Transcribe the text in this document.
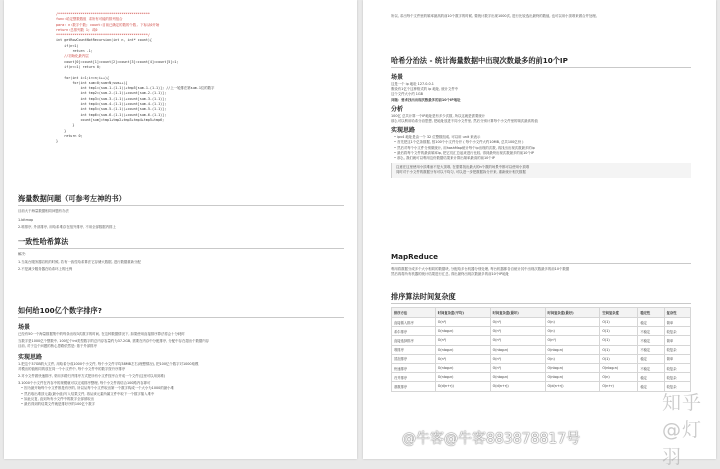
/*********************************************
func:给定整数数组 求所有可能的排列组合
para: n:数字个数; count:目前已确定的数的个数, 下标从0开始
return:总排列数 1; 或0
*********************************************/
int getRowCountNotRecursion(int n, int* count){
if(n<1)
return -1;
//初始化最内层
count[0]=count[1]=count[2]=count[3]=count[4]=count[5]=1;
if(n<=1) return 0;
for(int i=1;i<=n;i++){
for(int sum=0;sum<N;sum++){
int tmp1=(sum-1-(1-1))+tmp5[sum-1-(1-1)]; //上一轮排在第sum-1位的数字
int tmp2=(sum-2-(1-1))+count[sum-2-(1-1)];
int tmp3=(sum-3-(1-1))+count[sum-3-(1-1)];
int tmp4=(sum-4-(1-1))+count[sum-4-(1-1)];
int tmp5=(sum-5-(1-1))+count[sum-5-(1-1)];
int tmp6=(sum-6-(1-1))+count[sum-6-(1-1)];
count[sum]=tmp1+tmp2+tmp3+tmp4+tmp5+tmp6;
}
}
return 0;
}
海量数据问题（可参考左神的书）

目前大于海量数据相同问题有办法

1.bitmap

2.堆排序, 外部排序, 用哈希堆存在组外排序, 不用全部数据内排上

一致性哈希算法

解决：

1.当某台服务器宕机的时候, 若有一致性哈希算法它存储大数据, 进行数据重新分配

2.不是减少服务器在哈希环上的比例

如何给100亿个数字排序?
场景

已经有50一个海量数据集中的每条出现3次数字的时间, 在这种数据情况下, 如果使用直接排序算法将会十分耗时

当数字是1000亿个整数中, 100亿个int类型数字的总内存容量约为37.2GB, 需要在内存中分配排序, 分配中存在超出个数据内存

目前, 对于这个问题的核心思路依然是: 基于外部排序

实现思路

1.把这个37GB的大文件, 用哈希分成1000个小文件, 每个小文件平均38MB左右(理想情况), 把100亿个数字对1000取模

对模出的值相同的放在同一个小文件中, 每个小文件中的数字按升序排序

2.对小文件做快速排序, 采用多路归并排序方式把所有小文件按序合并成一个文件(这里可以用到堆)

3.1000个小文件在内存中的规模就可以完成排序整理, 每个小文件再结合100路内存即可

• 因为最开始每个小文件都是有序的, 所以从每个小文件取出第一个数字构成一个大小为1000的最小堆
• 然后取出堆顶元素(最小值)写入结果文件, 再从该元素所属文件中取下一个数字插入堆中
• 如此反复, 直到所有小文件中的数字全部被取出
• 最后得到的结果文件就是排好序的100亿个数字

所以, 求出每个文件里的频率最高的前10个数字的时候, 要统计数字出现1000次, 进行比较选出最终的数值, 也可以用小顶堆来做合并处理。

哈希分治法 - 统计海量数据中出现次数最多的前10个IP
场景

这是一个 ip 地址 127.0.0.1

假设有1亿个这种格式的 ip 地址, 统计文件中

这个文件大小约 1GB

问题：要求找出出现次数最多的前10个IP地址

分析

100亿 总共计算一个IP地址是有多少次数, 所以这就是需要统计

那么可以利用哈希分治思想, 把地址放进不同小文件里, 然后分别计算每个小文件里的频次最高的值

实现思路
• ipv4 地址是由一个 32 位整数组成, 可以用 unit 来表示
• 首先把这1个亿条数据, 按100个小文件分开 ( 每个小文件大约10MB, 总共100亿份 )
• 然后对每个小文件分别做统计, 用hashMap统计每个ip出现的次数, 再找出出现次数最多的ip
• 最后将每个文件的最高频率ip, 把它们汇总起来进行比较, 得到最终出现次数最多的前10个IP
• 那么, 我们就可以利用这份数据结果来计算出频率最高的前10个IP

注意在这里使用小顶堆而不是大顶堆, 在需要找出最大的n个数的场景中都可以使用小顶堆

同时对于小文件的数据分布可以不均匀, 可以进一步把数据拆分开来, 重新统计相关数据

MapReduce

利用将数据分成多个大小相同的数据块, 分配给多台机器分别处理, 每台机器都各自统计其中出现次数最多的前10个数据

然后再将所有机器的统计结果进行汇总, 得出最终出现次数最多的前10个IP地址

排序算法时间复杂度
排序方法	时间复杂度(平均)	时间复杂度(最坏)	时间复杂度(最好)	空间复杂度	稳定性	复杂性
直接插入排序	O(n²)	O(n²)	O(n)	O(1)	稳定	简单
希尔排序	O(nlog₂n)	O(n²)	O(n)	O(1)	不稳定	较复杂
直接选择排序	O(n²)	O(n²)	O(n²)	O(1)	不稳定	简单
堆排序	O(nlog₂n)	O(nlog₂n)	O(nlog₂n)	O(1)	不稳定	较复杂
冒泡排序	O(n²)	O(n²)	O(n)	O(1)	稳定	简单
快速排序	O(nlog₂n)	O(n²)	O(nlog₂n)	O(nlog₂n)	不稳定	较复杂
归并排序	O(nlog₂n)	O(nlog₂n)	O(nlog₂n)	O(n)	稳定	较复杂
基数排序	O(d(n+r))	O(d(n+r))	O(d(n+r))	O(n+r)	稳定	较复杂
知乎 @灯羽
@牛客@牛客883878817号
